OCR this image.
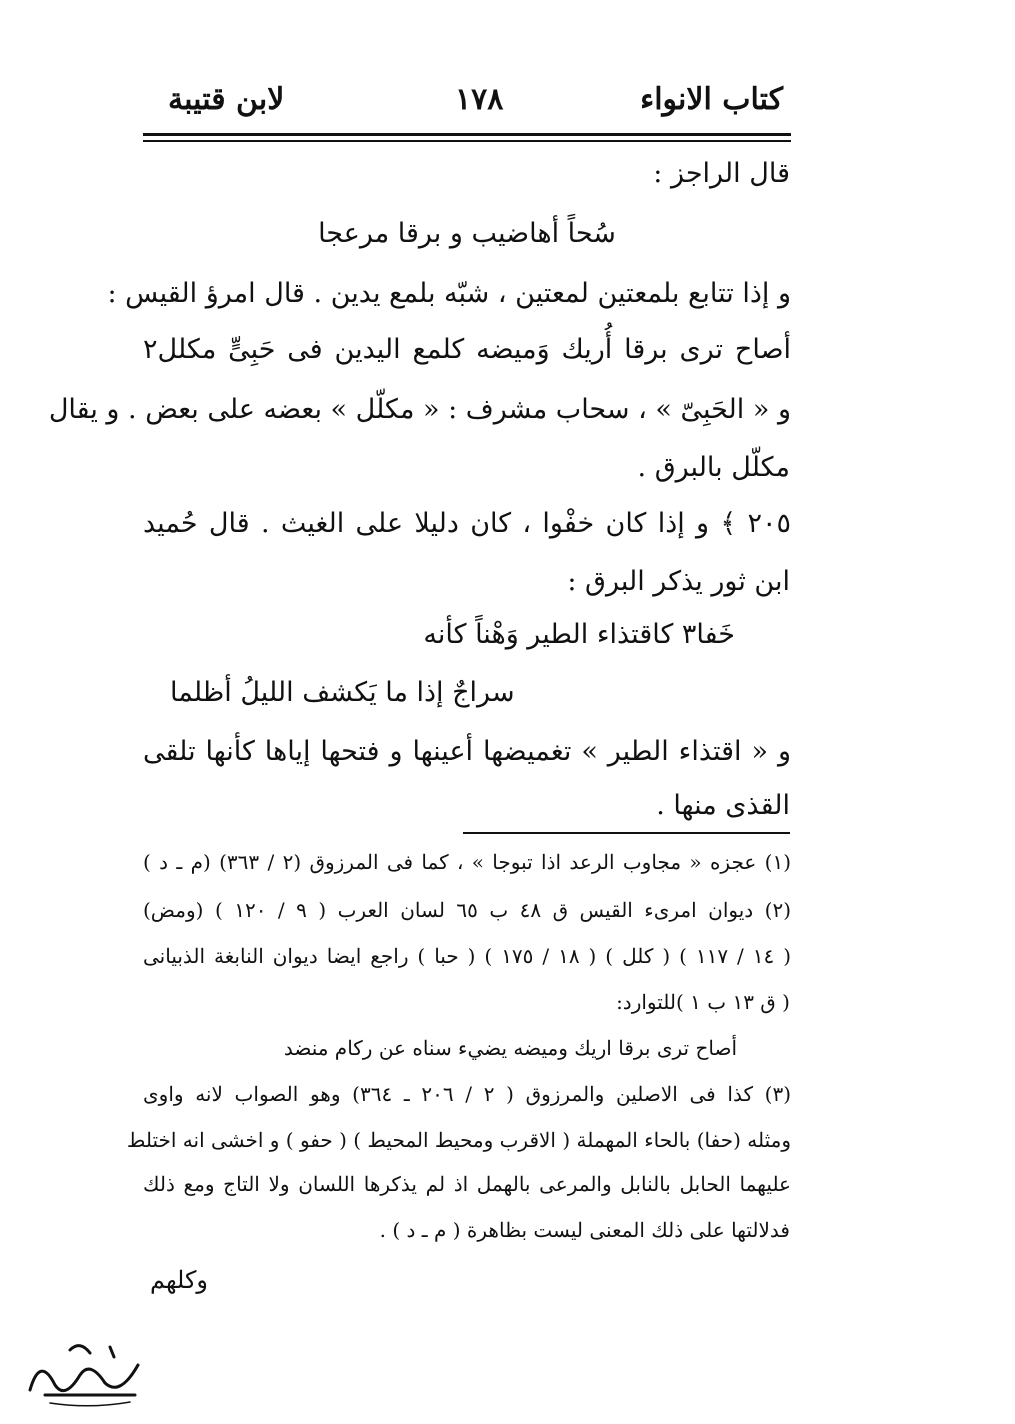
كتاب الانواء
١٧٨
لابن قتيبة
قال الراجز :
سُحاً أهاضيب و برقا مرعجا
و إذا تتابع بلمعتين لمعتين ، شبّه بلمع يدين . قال امرؤ القيس :
أصاح ترى برقا أُريك وَميضه كلمع اليدين فى حَبِىٍّ مكلل٢
و « الحَبِىّ » ، سحاب مشرف : « مكلّل » بعضه على بعض . و يقال
مكلّل بالبرق .
٢٠٥ ﴾ و إذا كان خفْوا ، كان دليلا على الغيث . قال حُميد
ابن ثور يذكر البرق :
خَفا٣ كاقتذاء الطير وَهْناً كأنه
سراجٌ إذا ما يَكشف الليلُ أظلما
و « اقتذاء الطير » تغميضها أعينها و فتحها إياها كأنها تلقى
القذى منها .
(١) عجزه « مجاوب الرعد اذا تبوجا » ، كما فى المرزوق (٢ / ٣٦٣) (م ـ د )
(٢) ديوان امرىء القيس ق ٤٨ ب ٦٥ لسان العرب ( ٩ / ١٢٠ ) (ومض)
( ١٤ / ١١٧ ) ( كلل ) ( ١٨ / ١٧٥ ) ( حبا ) راجع ايضا ديوان النابغة الذبيانى
( ق ١٣ ب ١ )للتوارد:
أصاح ترى برقا اريك وميضه يضيء سناه عن ركام منضد
(٣) كذا فى الاصلين والمرزوق ( ٢ / ٢٠٦ ـ ٣٦٤) وهو الصواب لانه واوى
ومثله (حفا) بالحاء المهملة ( الاقرب ومحيط المحيط ) ( حفو ) و اخشى انه اختلط
عليهما الحابل بالنابل والمرعى بالهمل اذ لم يذكرها اللسان ولا التاج ومع ذلك
فدلالتها على ذلك المعنى ليست بظاهرة ( م ـ د ) .
وكلهم
